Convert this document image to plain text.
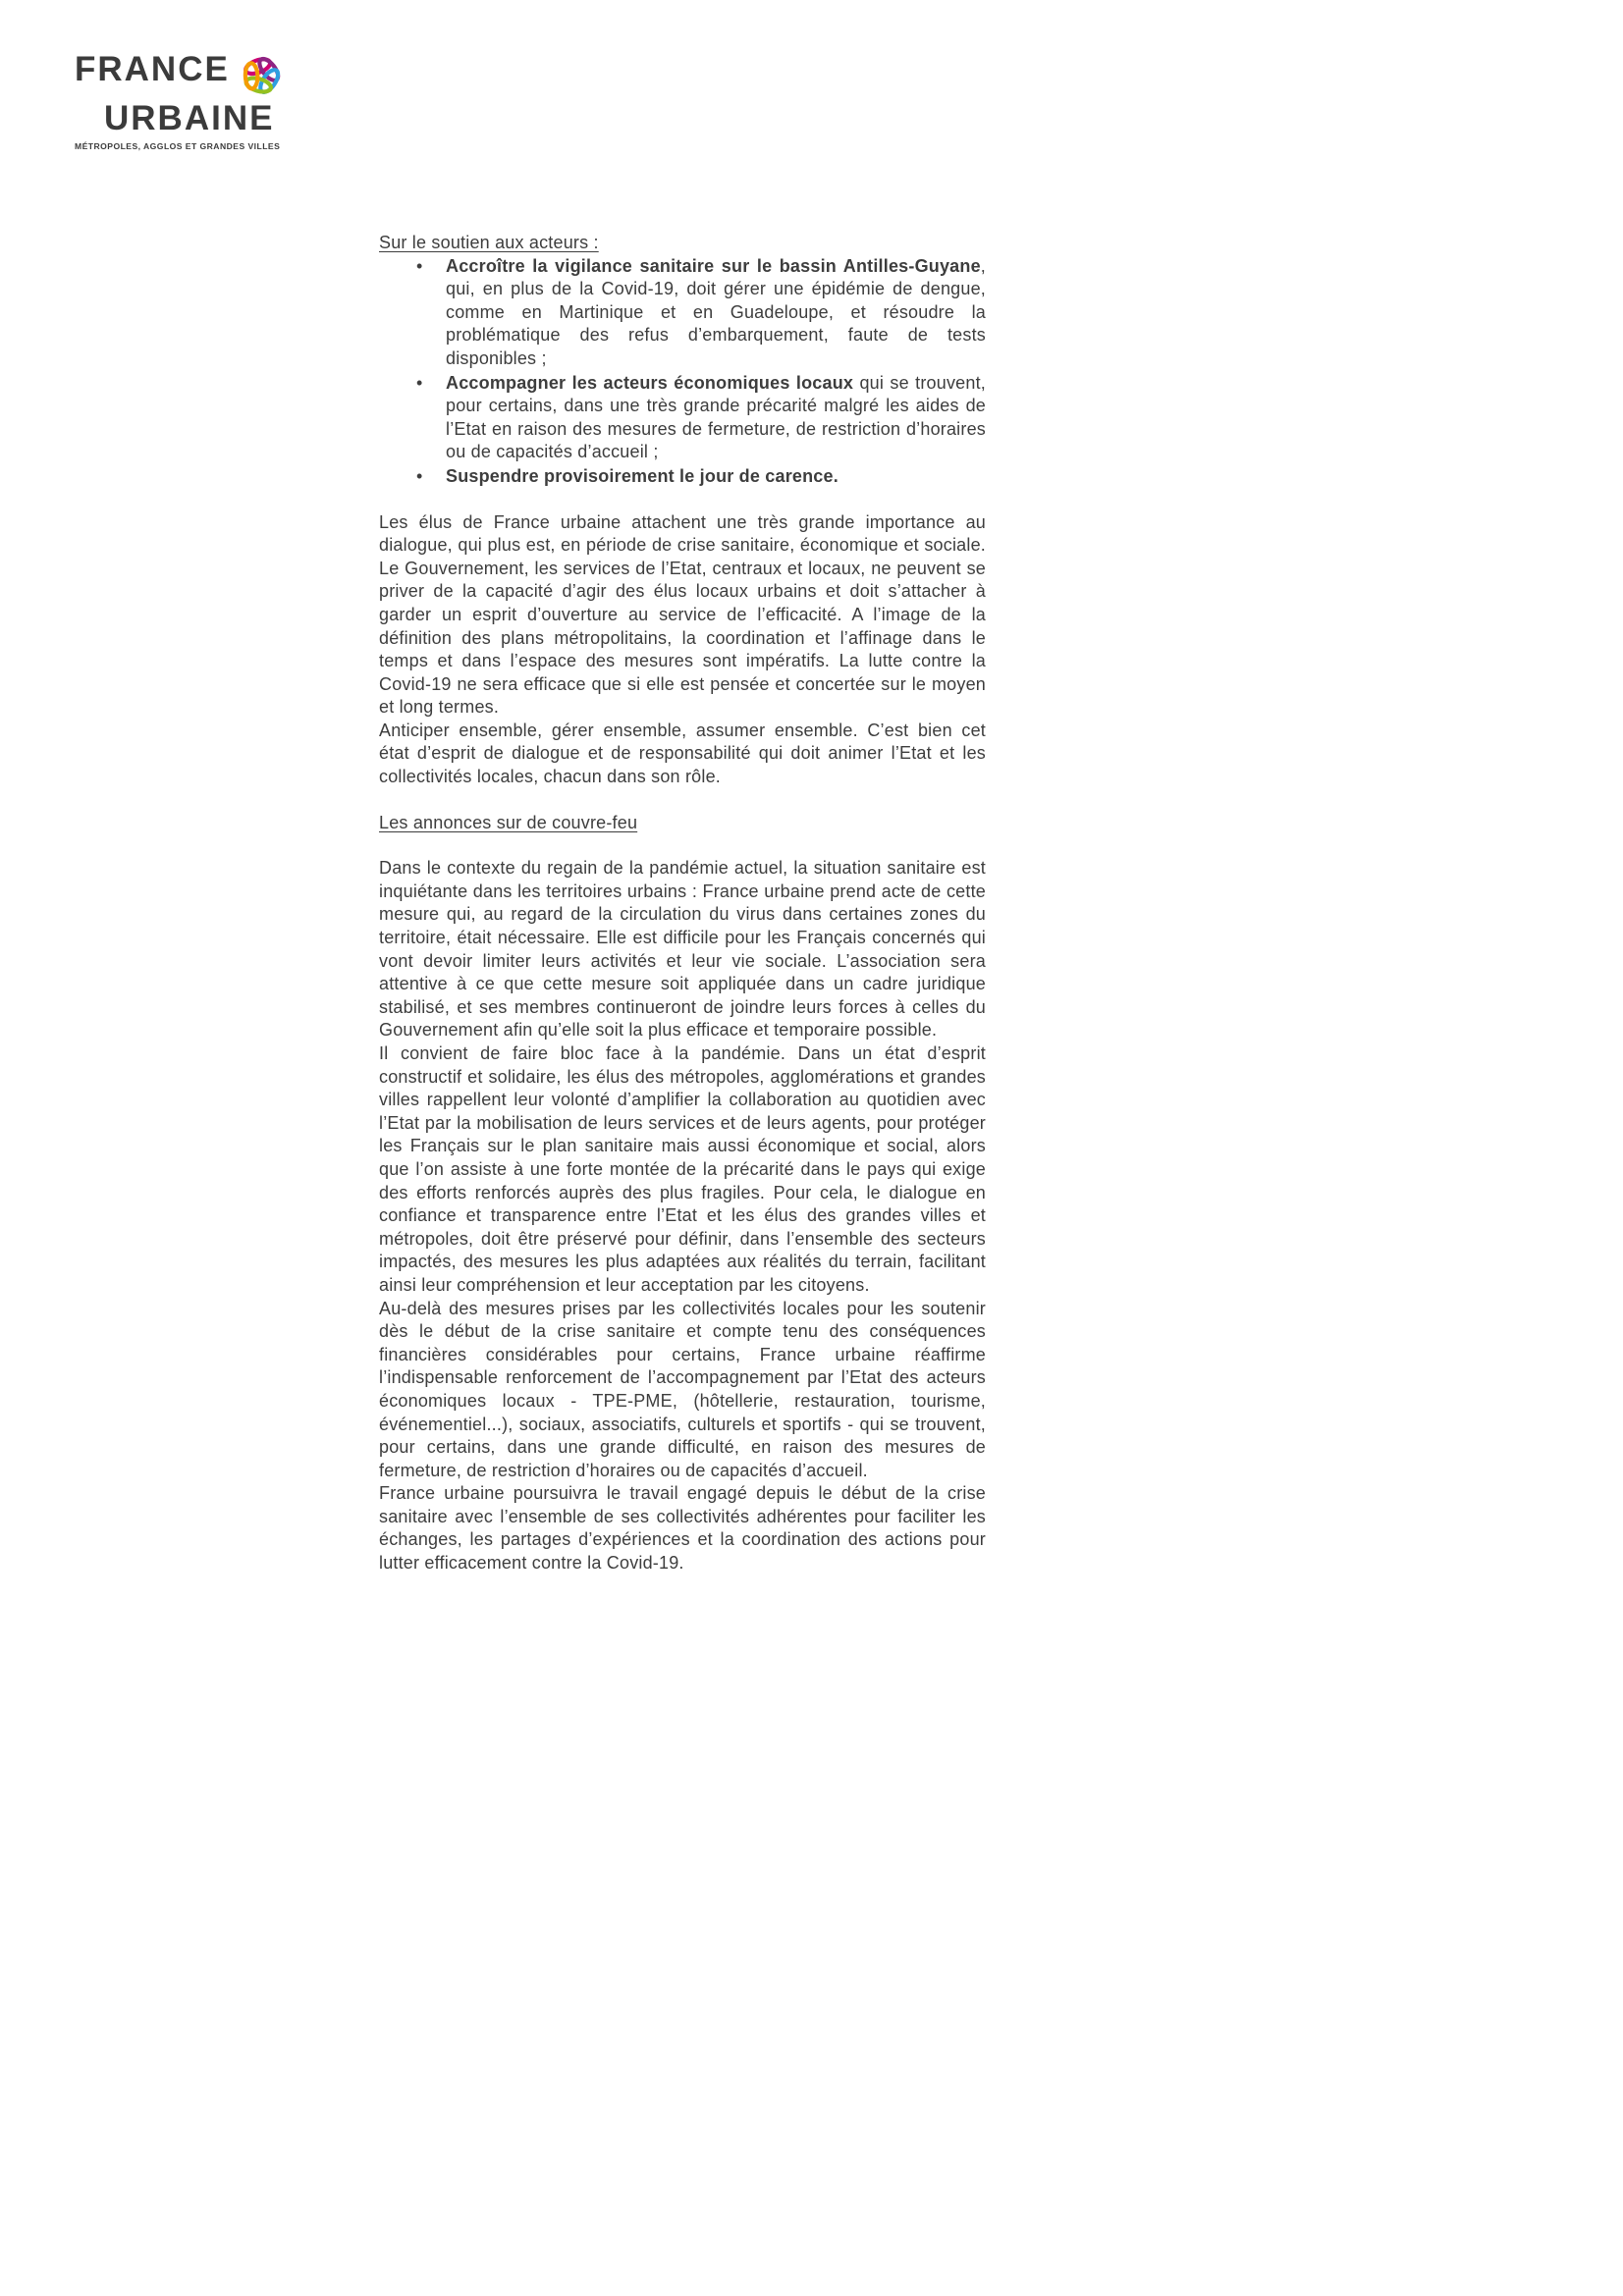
FRANCE
URBAINE
MÉTROPOLES, AGGLOS ET GRANDES VILLES
Sur le soutien aux acteurs :
• Accroître la vigilance sanitaire sur le bassin Antilles-Guyane, qui, en plus de la Covid-19, doit gérer une épidémie de dengue, comme en Martinique et en Guadeloupe, et résoudre la problématique des refus d’embarquement, faute de tests disponibles ;
• Accompagner les acteurs économiques locaux qui se trouvent, pour certains, dans une très grande précarité malgré les aides de l’Etat en raison des mesures de fermeture, de restriction d’horaires ou de capacités d’accueil ;
• Suspendre provisoirement le jour de carence.

Les élus de France urbaine attachent une très grande importance au dialogue, qui plus est, en période de crise sanitaire, économique et sociale. Le Gouvernement, les services de l’Etat, centraux et locaux, ne peuvent se priver de la capacité d’agir des élus locaux urbains et doit s’attacher à garder un esprit d’ouverture au service de l’efficacité. A l’image de la définition des plans métropolitains, la coordination et l’affinage dans le temps et dans l’espace des mesures sont impératifs. La lutte contre la Covid-19 ne sera efficace que si elle est pensée et concertée sur le moyen et long termes.

Anticiper ensemble, gérer ensemble, assumer ensemble. C’est bien cet état d’esprit de dialogue et de responsabilité qui doit animer l’Etat et les collectivités locales, chacun dans son rôle.

Les annonces sur de couvre-feu

Dans le contexte du regain de la pandémie actuel, la situation sanitaire est inquiétante dans les territoires urbains : France urbaine prend acte de cette mesure qui, au regard de la circulation du virus dans certaines zones du territoire, était nécessaire. Elle est difficile pour les Français concernés qui vont devoir limiter leurs activités et leur vie sociale. L’association sera attentive à ce que cette mesure soit appliquée dans un cadre juridique stabilisé, et ses membres continueront de joindre leurs forces à celles du Gouvernement afin qu’elle soit la plus efficace et temporaire possible.

Il convient de faire bloc face à la pandémie. Dans un état d’esprit constructif et solidaire, les élus des métropoles, agglomérations et grandes villes rappellent leur volonté d’amplifier la collaboration au quotidien avec l’Etat par la mobilisation de leurs services et de leurs agents, pour protéger les Français sur le plan sanitaire mais aussi économique et social, alors que l’on assiste à une forte montée de la précarité dans le pays qui exige des efforts renforcés auprès des plus fragiles. Pour cela, le dialogue en confiance et transparence entre l’Etat et les élus des grandes villes et métropoles, doit être préservé pour définir, dans l’ensemble des secteurs impactés, des mesures les plus adaptées aux réalités du terrain, facilitant ainsi leur compréhension et leur acceptation par les citoyens.

Au-delà des mesures prises par les collectivités locales pour les soutenir dès le début de la crise sanitaire et compte tenu des conséquences financières considérables pour certains, France urbaine réaffirme l’indispensable renforcement de l’accompagnement par l’Etat des acteurs économiques locaux - TPE-PME, (hôtellerie, restauration, tourisme, événementiel...), sociaux, associatifs, culturels et sportifs - qui se trouvent, pour certains, dans une grande difficulté, en raison des mesures de fermeture, de restriction d’horaires ou de capacités d’accueil.

France urbaine poursuivra le travail engagé depuis le début de la crise sanitaire avec l’ensemble de ses collectivités adhérentes pour faciliter les échanges, les partages d’expériences et la coordination des actions pour lutter efficacement contre la Covid-19.
